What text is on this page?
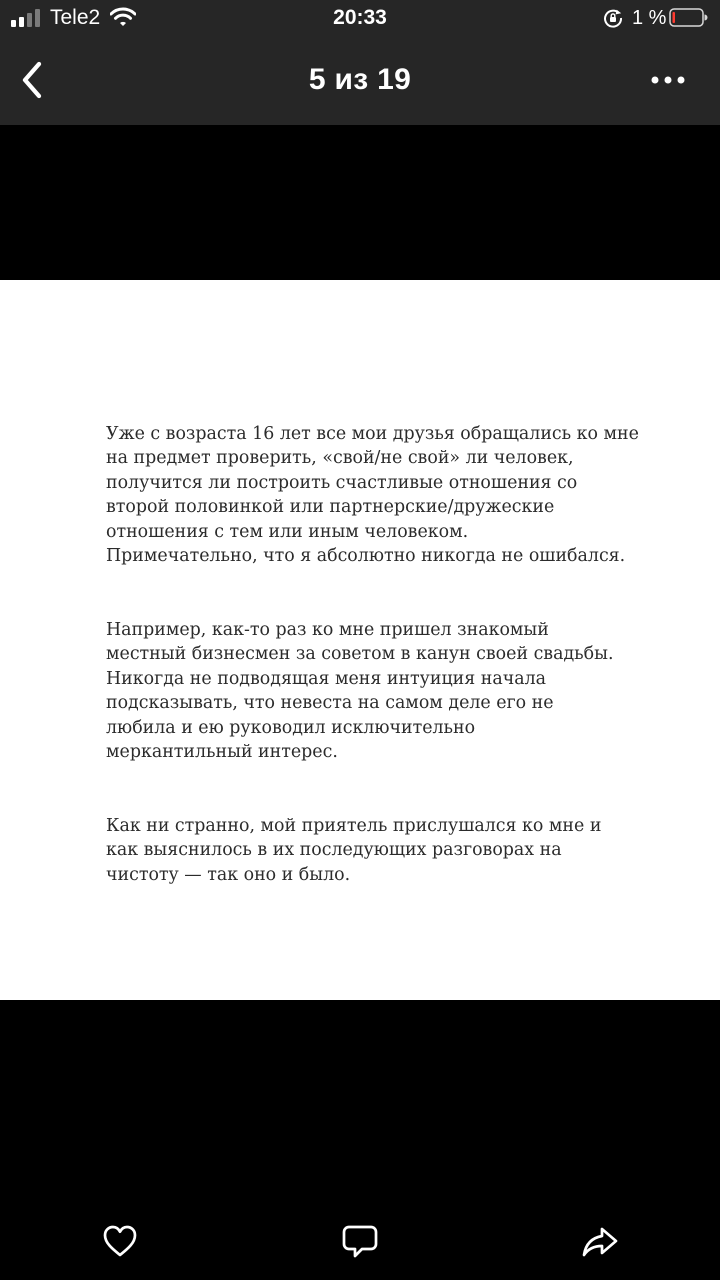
Tele2	20:33	1 %
5 из 19

Уже с возраста 16 лет все мои друзья обращались ко мне
на предмет проверить, «свой/не свой» ли человек,
получится ли построить счастливые отношения со
второй половинкой или партнерские/дружеские
отношения с тем или иным человеком.
Примечательно, что я абсолютно никогда не ошибался.

Например, как-то раз ко мне пришел знакомый
местный бизнесмен за советом в канун своей свадьбы.
Никогда не подводящая меня интуиция начала
подсказывать, что невеста на самом деле его не
любила и ею руководил исключительно
меркантильный интерес.

Как ни странно, мой приятель прислушался ко мне и
как выяснилось в их последующих разговорах на
чистоту — так оно и было.
